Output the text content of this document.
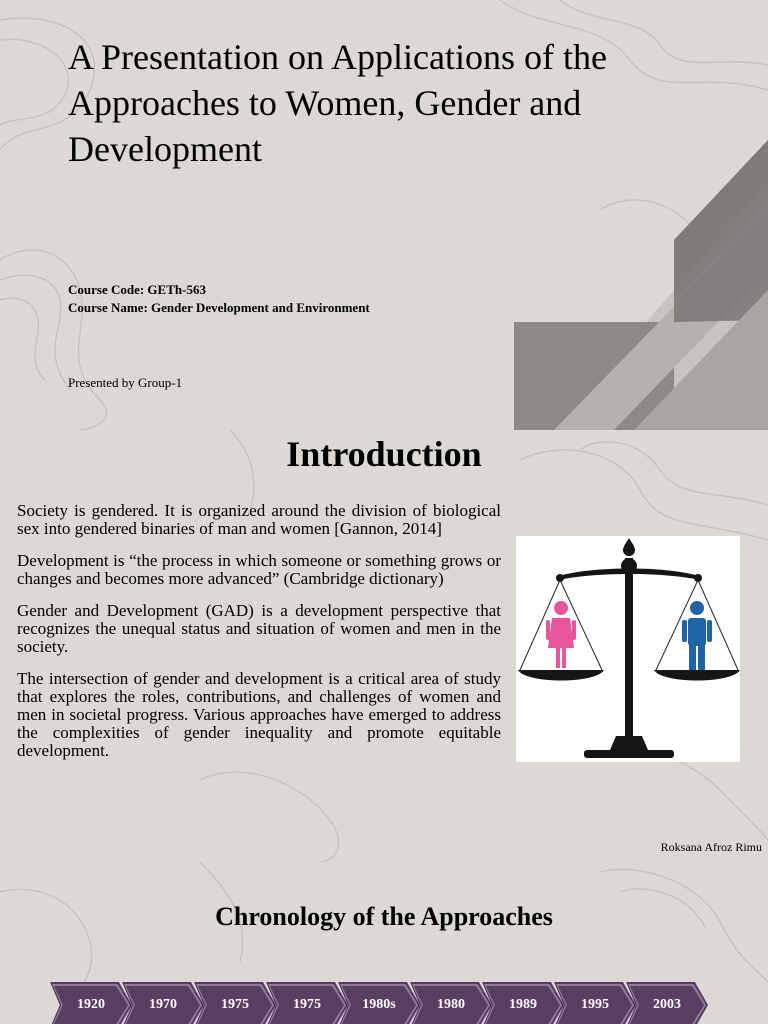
A Presentation on Applications of the Approaches to Women, Gender and Development
Course Code: GETh-563
Course Name: Gender Development and Environment
Presented by Group-1
Introduction

Society is gendered. It is organized around the division of biological sex into gendered binaries of man and women [Gannon, 2014]

Development is “the process in which someone or something grows or changes and becomes more advanced” (Cambridge dictionary)

Gender and Development (GAD) is a development perspective that recognizes the unequal status and situation of women and men in the society.

The intersection of gender and development is a critical area of study that explores the roles, contributions, and challenges of women and men in societal progress. Various approaches have emerged to address the complexities of gender inequality and promote equitable development.

Roksana Afroz Rimu
Chronology of the Approaches
1920	1970	1975	1975	1980s	1980	1989	1995	2003
